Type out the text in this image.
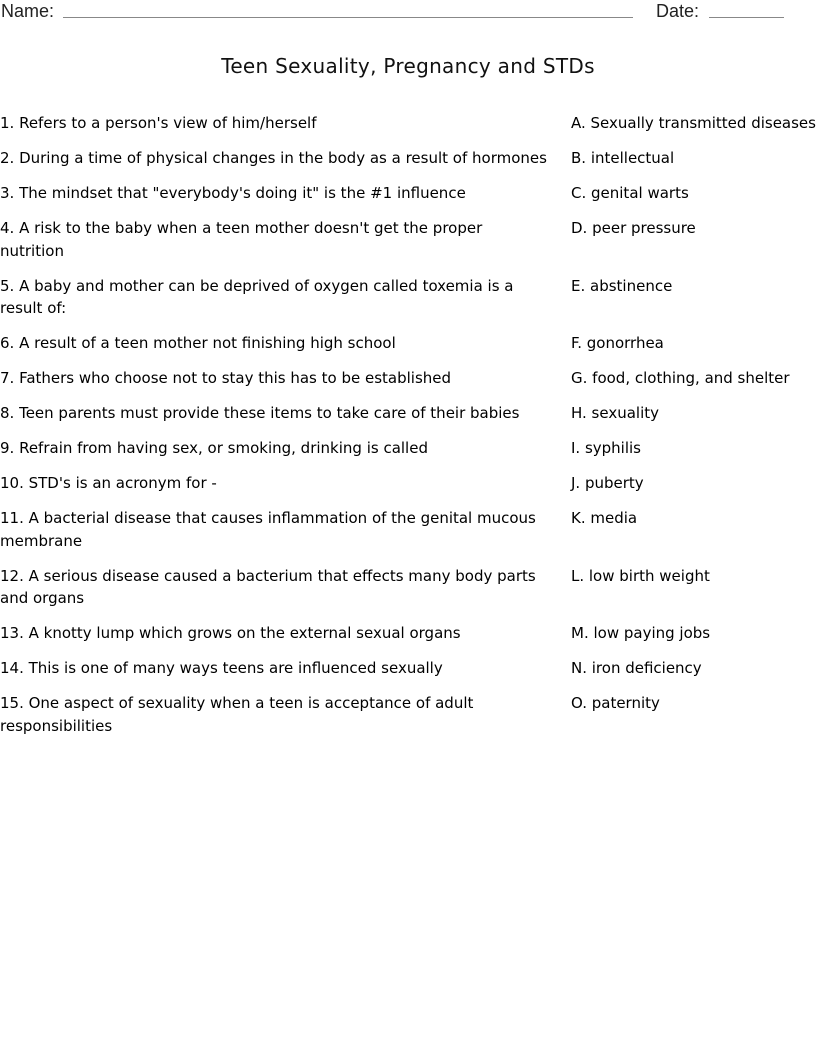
Name:	Date:
Teen Sexuality, Pregnancy and STDs
1. Refers to a person's view of him/herself
2. During a time of physical changes in the body as a result of hormones
3. The mindset that "everybody's doing it" is the #1 influence
4. A risk to the baby when a teen mother doesn't get the proper nutrition
5. A baby and mother can be deprived of oxygen called toxemia is a result of:
6. A result of a teen mother not finishing high school
7. Fathers who choose not to stay this has to be established
8. Teen parents must provide these items to take care of their babies
9. Refrain from having sex, or smoking, drinking is called
10. STD's is an acronym for -
11. A bacterial disease that causes inflammation of the genital mucous membrane
12. A serious disease caused a bacterium that effects many body parts and organs
13. A knotty lump which grows on the external sexual organs
14. This is one of many ways teens are influenced sexually
15. One aspect of sexuality when a teen is acceptance of adult responsibilities
A. Sexually transmitted diseases
B. intellectual
C. genital warts
D. peer pressure
E. abstinence
F. gonorrhea
G. food, clothing, and shelter
H. sexuality
I. syphilis
J. puberty
K. media
L. low birth weight
M. low paying jobs
N. iron deficiency
O. paternity
